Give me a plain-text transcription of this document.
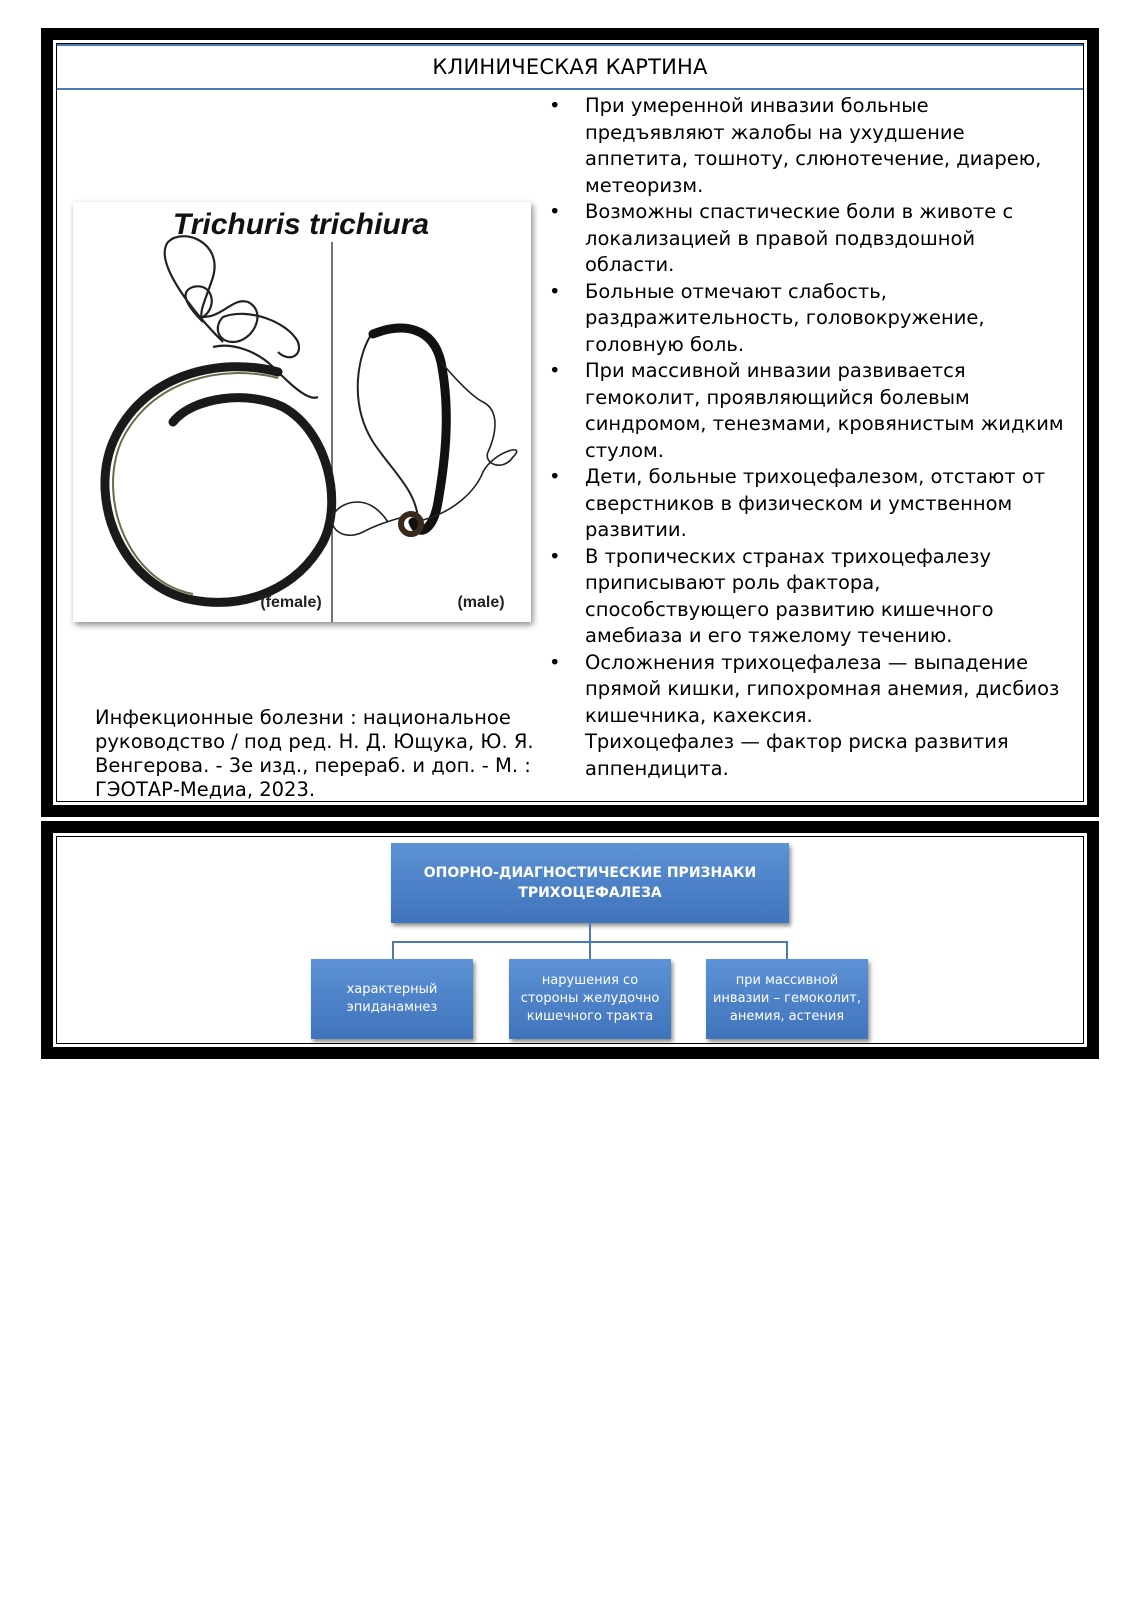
КЛИНИЧЕСКАЯ КАРТИНА
Trichuris trichiura
(female)	(male)
Инфекционные болезни : национальное руководство / под ред. Н. Д. Ющука, Ю. Я. Венгерова. - 3е изд., перераб. и доп. - М. : ГЭОТАР-Медиа, 2023.
• При умеренной инвазии больные предъявляют жалобы на ухудшение аппетита, тошноту, слюнотечение, диарею, метеоризм.
• Возможны спастические боли в животе с локализацией в правой подвздошной области.
• Больные отмечают слабость, раздражительность, головокружение, головную боль.
• При массивной инвазии развивается гемоколит, проявляющийся болевым синдромом, тенезмами, кровянистым жидким стулом.
• Дети, больные трихоцефалезом, отстают от сверстников в физическом и умственном развитии.
• В тропических странах трихоцефалезу приписывают роль фактора, способствующего развитию кишечного амебиаза и его тяжелому течению.
• Осложнения трихоцефалеза — выпадение прямой кишки, гипохромная анемия, дисбиоз кишечника, кахексия.
Трихоцефалез — фактор риска развития аппендицита.
ОПОРНО-ДИАГНОСТИЧЕСКИЕ ПРИЗНАКИ ТРИХОЦЕФАЛЕЗА
характерный эпиданамнез
нарушения со стороны желудочно кишечного тракта
при массивной инвазии – гемоколит, анемия, астения
